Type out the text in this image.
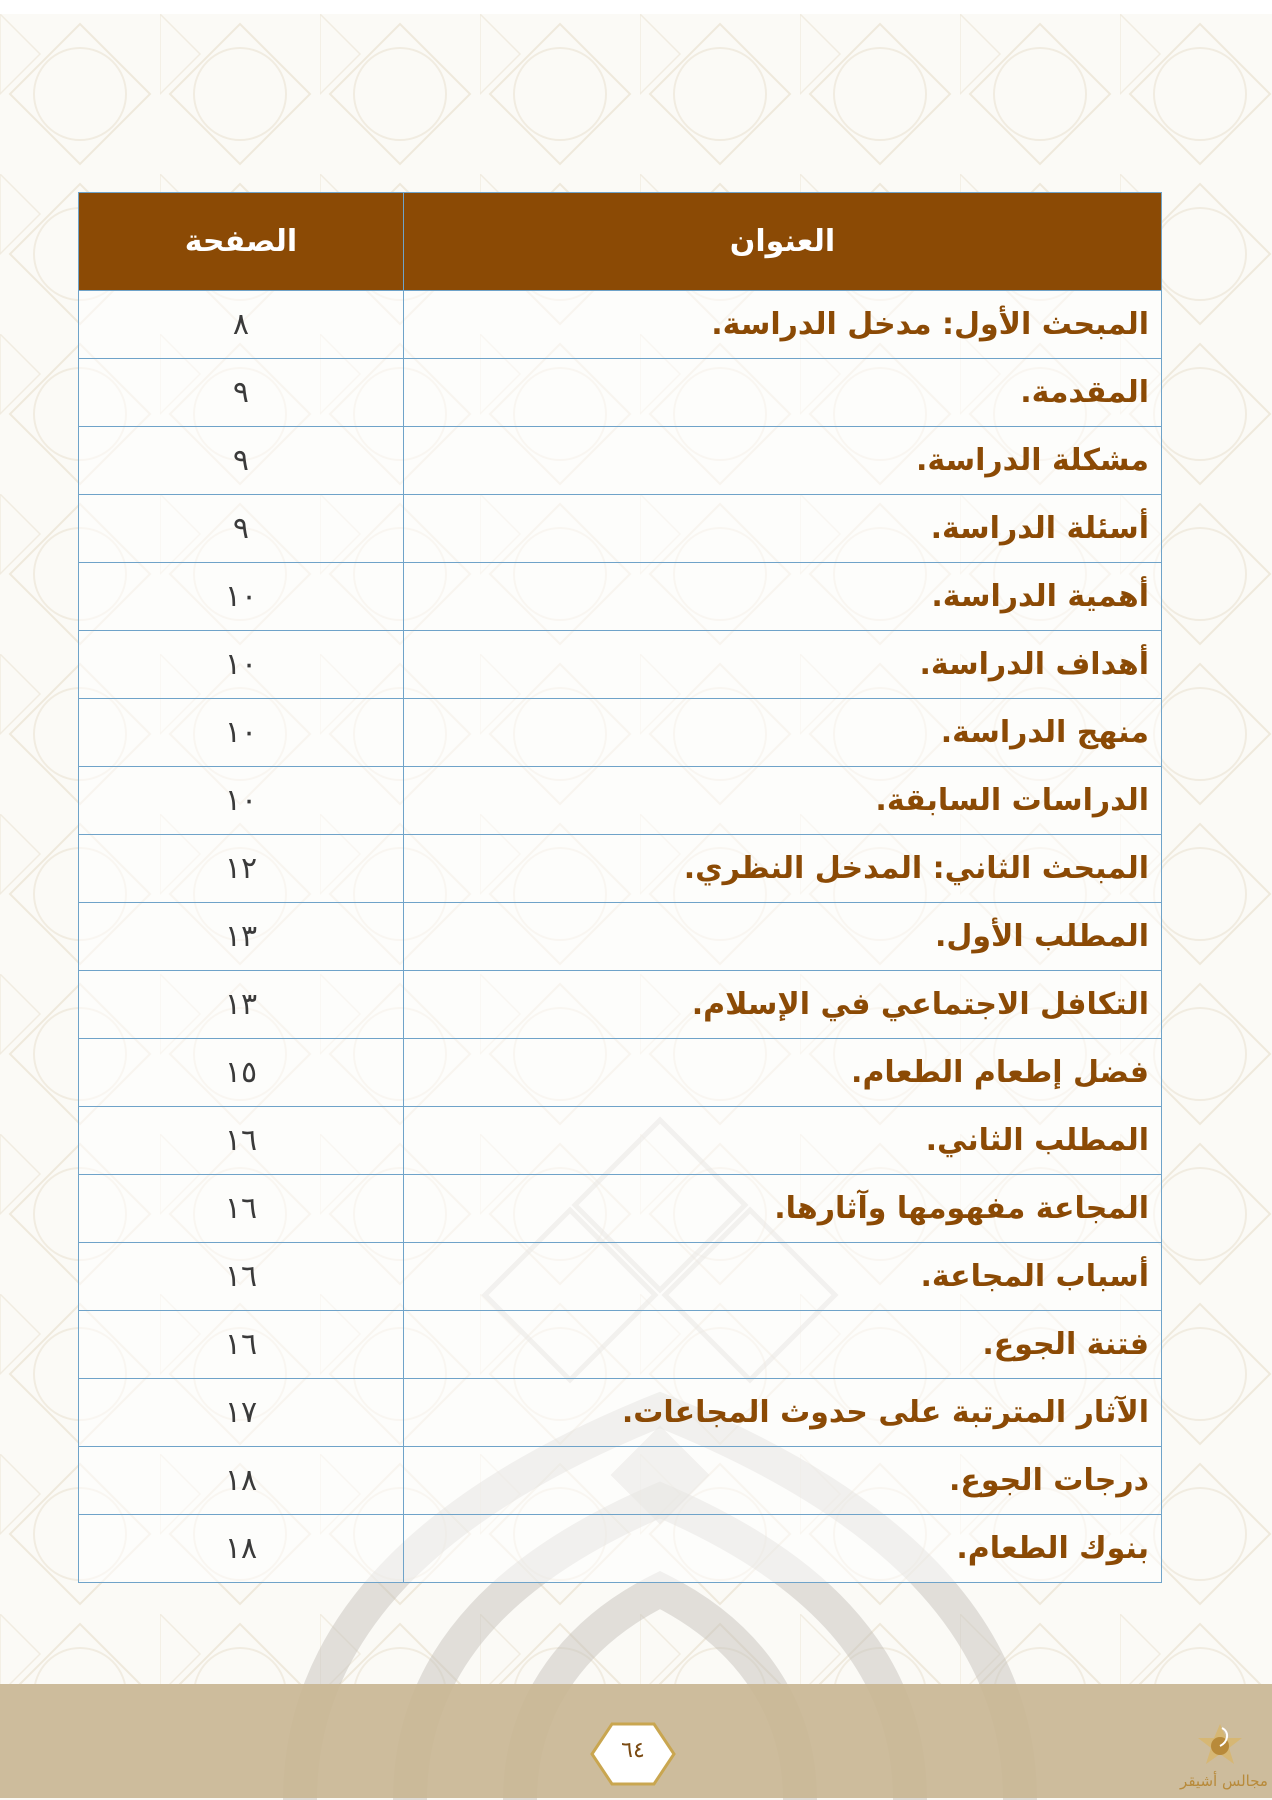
العنوان	الصفحة
المبحث الأول: مدخل الدراسة.	٨
المقدمة.	٩
مشكلة الدراسة.	٩
أسئلة الدراسة.	٩
أهمية الدراسة.	١٠
أهداف الدراسة.	١٠
منهج الدراسة.	١٠
الدراسات السابقة.	١٠
المبحث الثاني: المدخل النظري.	١٢
المطلب الأول.	١٣
التكافل الاجتماعي في الإسلام.	١٣
فضل إطعام الطعام.	١٥
المطلب الثاني.	١٦
المجاعة مفهومها وآثارها.	١٦
أسباب المجاعة.	١٦
فتنة الجوع.	١٦
الآثار المترتبة على حدوث المجاعات.	١٧
درجات الجوع.	١٨
بنوك الطعام.	١٨
٦٤
مجالس أشيقر
